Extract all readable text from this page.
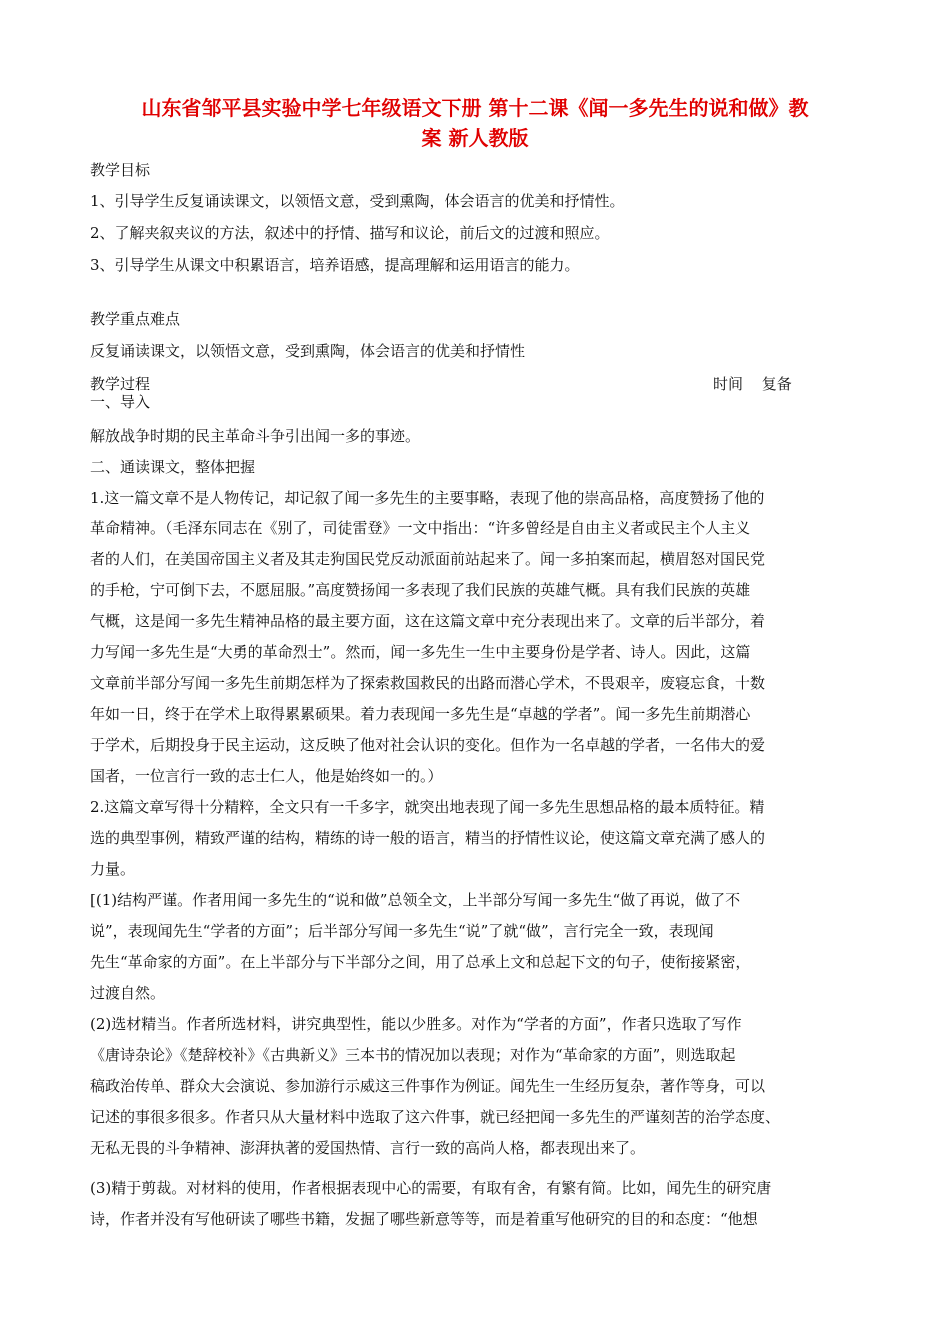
山东省邹平县实验中学七年级语文下册 第十二课《闻一多先生的说和做》教
案 新人教版
教学目标
1、引导学生反复诵读课文，以领悟文意，受到熏陶，体会语言的优美和抒情性。
2、了解夹叙夹议的方法，叙述中的抒情、描写和议论，前后文的过渡和照应。
3、引导学生从课文中积累语言，培养语感，提高理解和运用语言的能力。
教学重点难点
反复诵读课文，以领悟文意，受到熏陶，体会语言的优美和抒情性
教学过程	时间 复备
一、导入
解放战争时期的民主革命斗争引出闻一多的事迹。
二、通读课文，整体把握
1.这一篇文章不是人物传记，却记叙了闻一多先生的主要事略，表现了他的崇高品格，高度赞扬了他的
革命精神。（毛泽东同志在《别了，司徒雷登》一文中指出：“许多曾经是自由主义者或民主个人主义
者的人们，在美国帝国主义者及其走狗国民党反动派面前站起来了。闻一多拍案而起，横眉怒对国民党
的手枪，宁可倒下去，不愿屈服。”高度赞扬闻一多表现了我们民族的英雄气概。具有我们民族的英雄
气概，这是闻一多先生精神品格的最主要方面，这在这篇文章中充分表现出来了。文章的后半部分，着
力写闻一多先生是“大勇的革命烈士”。然而，闻一多先生一生中主要身份是学者、诗人。因此，这篇
文章前半部分写闻一多先生前期怎样为了探索救国救民的出路而潜心学术，不畏艰辛，废寝忘食，十数
年如一日，终于在学术上取得累累硕果。着力表现闻一多先生是“卓越的学者”。闻一多先生前期潜心
于学术，后期投身于民主运动，这反映了他对社会认识的变化。但作为一名卓越的学者，一名伟大的爱
国者，一位言行一致的志士仁人，他是始终如一的。）
2.这篇文章写得十分精粹，全文只有一千多字，就突出地表现了闻一多先生思想品格的最本质特征。精
选的典型事例，精致严谨的结构，精练的诗一般的语言，精当的抒情性议论，使这篇文章充满了感人的
力量。
[(1)结构严谨。作者用闻一多先生的“说和做”总领全文，上半部分写闻一多先生“做了再说，做了不
说”，表现闻先生“学者的方面”；后半部分写闻一多先生“说”了就“做”，言行完全一致，表现闻
先生“革命家的方面”。在上半部分与下半部分之间，用了总承上文和总起下文的句子，使衔接紧密，
过渡自然。
(2)选材精当。作者所选材料，讲究典型性，能以少胜多。对作为“学者的方面”，作者只选取了写作
《唐诗杂论》《楚辞校补》《古典新义》三本书的情况加以表现；对作为“革命家的方面”，则选取起
稿政治传单、群众大会演说、参加游行示威这三件事作为例证。闻先生一生经历复杂，著作等身，可以
记述的事很多很多。作者只从大量材料中选取了这六件事，就已经把闻一多先生的严谨刻苦的治学态度、
无私无畏的斗争精神、澎湃执著的爱国热情、言行一致的高尚人格，都表现出来了。
(3)精于剪裁。对材料的使用，作者根据表现中心的需要，有取有舍，有繁有简。比如，闻先生的研究唐
诗，作者并没有写他研读了哪些书籍，发掘了哪些新意等等，而是着重写他研究的目的和态度：“他想
